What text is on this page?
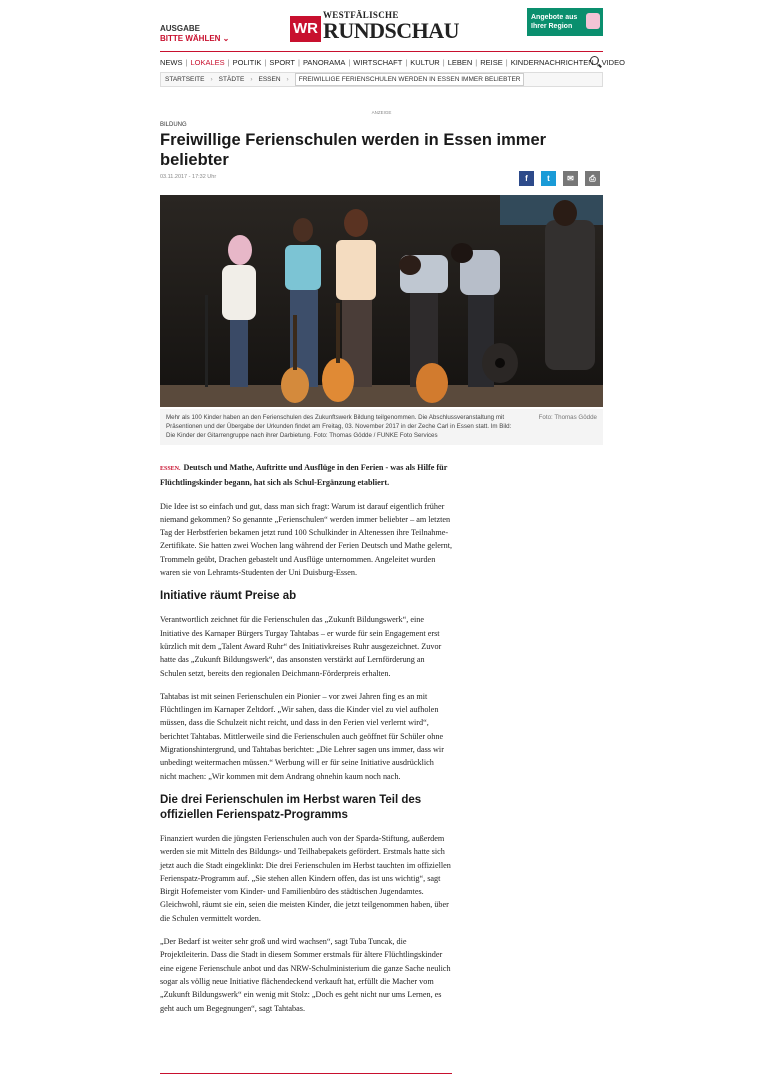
AUSGABE
BITTE WÄHLEN ⌄
WR
WESTFÄLISCHE
RUNDSCHAU
Angebote aus Ihrer Region
NEWS | LOKALES | POLITIK | SPORT | PANORAMA | WIRTSCHAFT | KULTUR | LEBEN | REISE | KINDERNACHRICHTEN | VIDEO
STARTSEITE › STÄDTE › ESSEN ›	FREIWILLIGE FERIENSCHULEN WERDEN IN ESSEN IMMER BELIEBTER
ANZEIGE
BILDUNG
Freiwillige Ferienschulen werden in Essen immer beliebter
03.11.2017 - 17:32 Uhr	f	t	✉	⎙
Mehr als 100 Kinder haben an den Ferienschulen des Zukunftswerk Bildung teilgenommen. Die Abschlussveranstaltung mit Präsentionen und der Übergabe der Urkunden findet am Freitag, 03. November 2017 in der Zeche Carl in Essen statt. Im Bild: Die Kinder der Gitarrengruppe nach ihrer Darbietung. Foto: Thomas Gödde / FUNKE Foto Services
Foto: Thomas Gödde

ESSEN. Deutsch und Mathe, Auftritte und Ausflüge in den Ferien - was als Hilfe für Flüchtlingskinder begann, hat sich als Schul-Ergänzung etabliert.

Die Idee ist so einfach und gut, dass man sich fragt: Warum ist darauf eigentlich früher niemand gekommen? So genannte „Ferienschulen“ werden immer beliebter – am letzten Tag der Herbstferien bekamen jetzt rund 100 Schulkinder in Altenessen ihre Teilnahme-Zertifikate. Sie hatten zwei Wochen lang während der Ferien Deutsch und Mathe gelernt, Trommeln geübt, Drachen gebastelt und Ausflüge unternommen. Angeleitet wurden waren sie von Lehramts-Studenten der Uni Duisburg-Essen.

Initiative räumt Preise ab

Verantwortlich zeichnet für die Ferienschulen das „Zukunft Bildungswerk“, eine Initiative des Karnaper Bürgers Turgay Tahtabas – er wurde für sein Engagement erst kürzlich mit dem „Talent Award Ruhr“ des Initiativkreises Ruhr ausgezeichnet. Zuvor hatte das „Zukunft Bildungswerk“, das ansonsten verstärkt auf Lernförderung an Schulen setzt, bereits den regionalen Deichmann-Förderpreis erhalten.

Tahtabas ist mit seinen Ferienschulen ein Pionier – vor zwei Jahren fing es an mit Flüchtlingen im Karnaper Zeltdorf. „Wir sahen, dass die Kinder viel zu viel aufholen müssen, dass die Schulzeit nicht reicht, und dass in den Ferien viel verlernt wird“, berichtet Tahtabas. Mittlerweile sind die Ferienschulen auch geöffnet für Schüler ohne Migrationshintergrund, und Tahtabas berichtet: „Die Lehrer sagen uns immer, dass wir unbedingt weitermachen müssen.“ Werbung will er für seine Initiative ausdrücklich nicht machen: „Wir kommen mit dem Andrang ohnehin kaum noch nach.

Die drei Ferienschulen im Herbst waren Teil des offiziellen Ferienspatz-Programms

Finanziert wurden die jüngsten Ferienschulen auch von der Sparda-Stiftung, außerdem werden sie mit Mitteln des Bildungs- und Teilhabepakets gefördert. Erstmals hatte sich jetzt auch die Stadt eingeklinkt: Die drei Ferienschulen im Herbst tauchten im offiziellen Ferienspatz-Programm auf. „Sie stehen allen Kindern offen, das ist uns wichtig“, sagt Birgit Hofemeister vom Kinder- und Familienbüro des städtischen Jugendamtes. Gleichwohl, räumt sie ein, seien die meisten Kinder, die jetzt teilgenommen haben, über die Schulen vermittelt worden.

„Der Bedarf ist weiter sehr groß und wird wachsen“, sagt Tuba Tuncak, die Projektleiterin. Dass die Stadt in diesem Sommer erstmals für ältere Flüchtlingskinder eine eigene Ferienschule anbot und das NRW-Schulministerium die ganze Sache neulich sogar als völlig neue Initiative flächendeckend verkauft hat, erfüllt die Macher vom „Zukunft Bildungswerk“ ein wenig mit Stolz: „Doch es geht nicht nur ums Lernen, es geht auch um Begegnungen“, sagt Tahtabas.
